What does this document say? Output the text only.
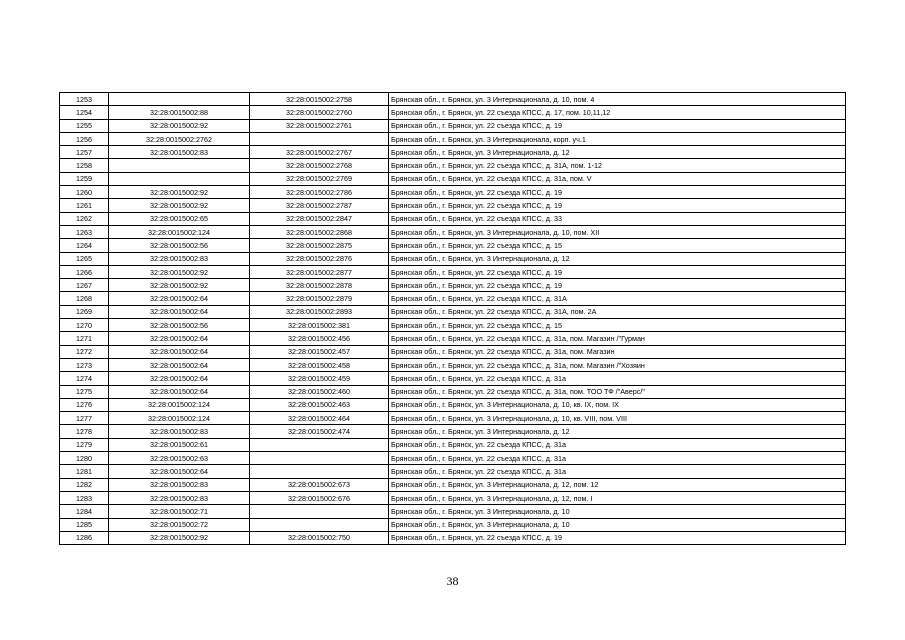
1253		32:28:0015002:2758	Брянская обл., г. Брянск, ул. 3 Интернационала, д. 10, пом. 4
1254	32:28:0015002:88	32:28:0015002:2760	Брянская обл., г. Брянск, ул. 22 съезда КПСС, д. 17, пом. 10,11,12
1255	32:28:0015002:92	32:28:0015002:2761	Брянская обл., г. Брянск, ул. 22 съезда КПСС, д. 19
1256	32:28:0015002:2762		Брянская обл., г. Брянск, ул. 3 Интернационала, корп. уч.1
1257	32:28:0015002:83	32:28:0015002:2767	Брянская обл., г. Брянск, ул. 3 Интернационала, д. 12
1258		32:28:0015002:2768	Брянская обл., г. Брянск, ул. 22 съезда КПСС, д. 31А, пом. 1-12
1259		32:28:0015002:2769	Брянская обл., г. Брянск, ул. 22 съезда КПСС, д. 31а, пом. V
1260	32:28:0015002:92	32:28:0015002:2786	Брянская обл., г. Брянск, ул. 22 съезда КПСС, д. 19
1261	32:28:0015002:92	32:28:0015002:2787	Брянская обл., г. Брянск, ул. 22 съезда КПСС, д. 19
1262	32:28:0015002:65	32:28:0015002:2847	Брянская обл., г. Брянск, ул. 22 съезда КПСС, д. 33
1263	32:28:0015002:124	32:28:0015002:2868	Брянская обл., г. Брянск, ул. 3 Интернационала, д. 10, пом. XII
1264	32:28:0015002:56	32:28:0015002:2875	Брянская обл., г. Брянск, ул. 22 съезда КПСС, д. 15
1265	32:28:0015002:83	32:28:0015002:2876	Брянская обл., г. Брянск, ул. 3 Интернационала, д. 12
1266	32:28:0015002:92	32:28:0015002:2877	Брянская обл., г. Брянск, ул. 22 съезда КПСС, д. 19
1267	32:28:0015002:92	32:28:0015002:2878	Брянская обл., г. Брянск, ул. 22 съезда КПСС, д. 19
1268	32:28:0015002:64	32:28:0015002:2879	Брянская обл., г. Брянск, ул. 22 съезда КПСС, д. 31А
1269	32:28:0015002:64	32:28:0015002:2893	Брянская обл., г. Брянск, ул. 22 съезда КПСС, д. 31А, пом. 2А
1270	32:28:0015002:56	32:28:0015002:381	Брянская обл., г. Брянск, ул. 22 съезда КПСС, д. 15
1271	32:28:0015002:64	32:28:0015002:456	Брянская обл., г. Брянск, ул. 22 съезда КПСС, д. 31а, пом. Магазин /"Гурман
1272	32:28:0015002:64	32:28:0015002:457	Брянская обл., г. Брянск, ул. 22 съезда КПСС, д. 31а, пом. Магазин
1273	32:28:0015002:64	32:28:0015002:458	Брянская обл., г. Брянск, ул. 22 съезда КПСС, д. 31а, пом. Магазин /"Хозяин
1274	32:28:0015002:64	32:28:0015002:459	Брянская обл., г. Брянск, ул. 22 съезда КПСС, д. 31а
1275	32:28:0015002:64	32:28:0015002:460	Брянская обл., г. Брянск, ул. 22 съезда КПСС, д. 31а, пом. ТОО ТФ /"Аверс/"
1276	32:28:0015002:124	32:28:0015002:463	Брянская обл., г. Брянск, ул. 3 Интернационала, д. 10, кв. IX, пом. IX
1277	32:28:0015002:124	32:28:0015002:464	Брянская обл., г. Брянск, ул. 3 Интернационала, д. 10, кв. VIII, пом. VIII
1278	32:28:0015002:83	32:28:0015002:474	Брянская обл., г. Брянск, ул. 3 Интернационала, д. 12
1279	32:28:0015002:61		Брянская обл., г. Брянск, ул. 22 съезда КПСС, д. 31а
1280	32:28:0015002:63		Брянская обл., г. Брянск, ул. 22 съезда КПСС, д. 31а
1281	32:28:0015002:64		Брянская обл., г. Брянск, ул. 22 съезда КПСС, д. 31а
1282	32:28:0015002:83	32:28:0015002:673	Брянская обл., г. Брянск, ул. 3 Интернационала, д. 12, пом. 12
1283	32:28:0015002:83	32:28:0015002:676	Брянская обл., г. Брянск, ул. 3 Интернационала, д. 12, пом. I
1284	32:28:0015002:71		Брянская обл., г. Брянск, ул. 3 Интернационала, д. 10
1285	32:28:0015002:72		Брянская обл., г. Брянск, ул. 3 Интернационала, д. 10
1286	32:28:0015002:92	32:28:0015002:750	Брянская обл., г. Брянск, ул. 22 съезда КПСС, д. 19
38
